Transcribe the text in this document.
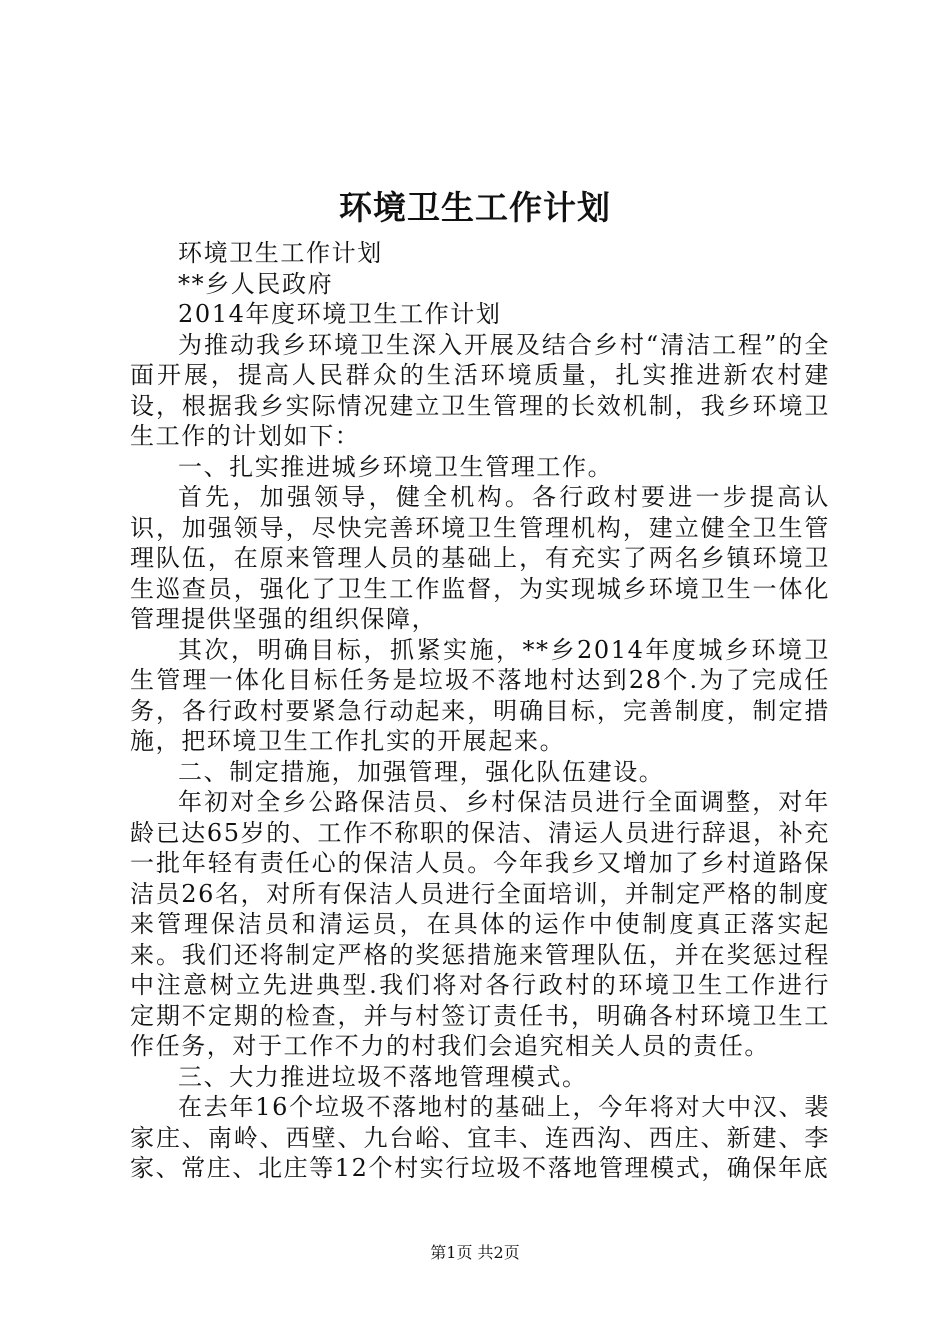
环境卫生工作计划

环境卫生工作计划

**乡人民政府

2014年度环境卫生工作计划

为推动我乡环境卫生深入开展及结合乡村“清洁工程”的全面开展，提高人民群众的生活环境质量，扎实推进新农村建设，根据我乡实际情况建立卫生管理的长效机制，我乡环境卫生工作的计划如下：

一、扎实推进城乡环境卫生管理工作。

首先，加强领导，健全机构。各行政村要进一步提高认识，加强领导，尽快完善环境卫生管理机构，建立健全卫生管理队伍，在原来管理人员的基础上，有充实了两名乡镇环境卫生巡查员，强化了卫生工作监督，为实现城乡环境卫生一体化管理提供坚强的组织保障，

其次，明确目标，抓紧实施，**乡2014年度城乡环境卫生管理一体化目标任务是垃圾不落地村达到28个.为了完成任务，各行政村要紧急行动起来，明确目标，完善制度，制定措施，把环境卫生工作扎实的开展起来。

二、制定措施，加强管理，强化队伍建设。

年初对全乡公路保洁员、乡村保洁员进行全面调整，对年龄已达65岁的、工作不称职的保洁、清运人员进行辞退，补充一批年轻有责任心的保洁人员。今年我乡又增加了乡村道路保洁员26名，对所有保洁人员进行全面培训，并制定严格的制度来管理保洁员和清运员，在具体的运作中使制度真正落实起来。我们还将制定严格的奖惩措施来管理队伍，并在奖惩过程中注意树立先进典型.我们将对各行政村的环境卫生工作进行定期不定期的检查，并与村签订责任书，明确各村环境卫生工作任务，对于工作不力的村我们会追究相关人员的责任。

三、大力推进垃圾不落地管理模式。

在去年16个垃圾不落地村的基础上，今年将对大中汉、裴家庄、南岭、西壁、九台峪、宜丰、连西沟、西庄、新建、李家、常庄、北庄等12个村实行垃圾不落地管理模式，确保年底

第1页 共2页
